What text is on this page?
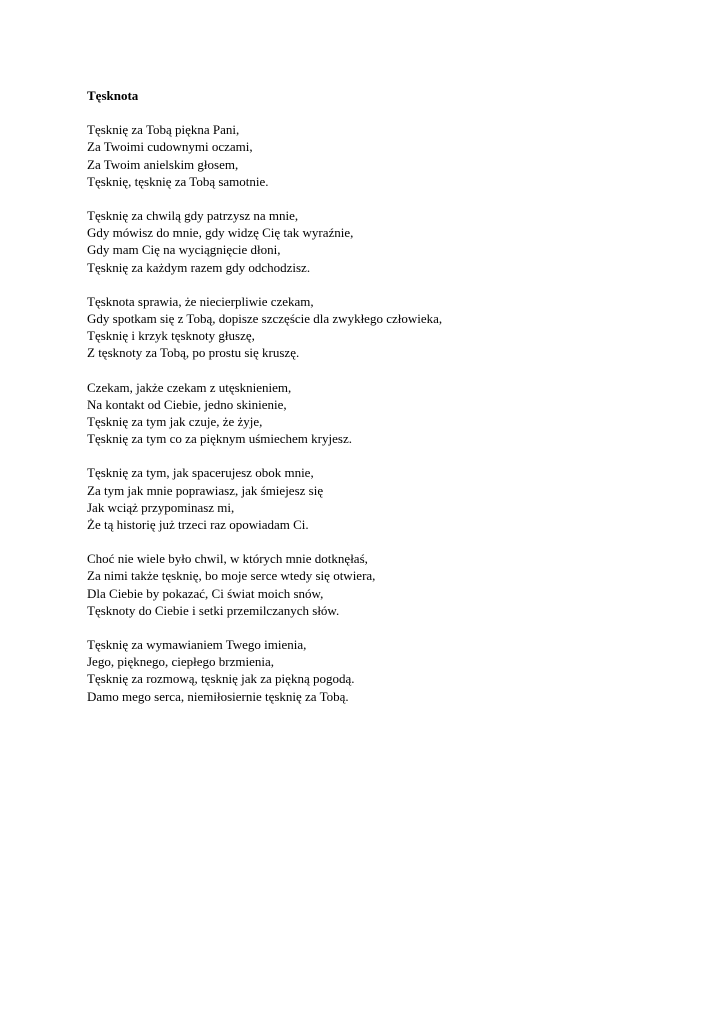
Tęsknota
Tęsknię za Tobą piękna Pani,
Za Twoimi cudownymi oczami,
Za Twoim anielskim głosem,
Tęsknię, tęsknię za Tobą samotnie.
Tęsknię za chwilą gdy patrzysz na mnie,
Gdy mówisz do mnie, gdy widzę Cię tak wyraźnie,
Gdy mam Cię na wyciągnięcie dłoni,
Tęsknię za każdym razem gdy odchodzisz.
Tęsknota sprawia, że niecierpliwie czekam,
Gdy spotkam się z Tobą, dopisze szczęście dla zwykłego człowieka,
Tęsknię i krzyk tęsknoty głuszę,
Z tęsknoty za Tobą, po prostu się kruszę.
Czekam, jakże czekam z utęsknieniem,
Na kontakt od Ciebie, jedno skinienie,
Tęsknię za tym jak czuje, że żyje,
Tęsknię za tym co za pięknym uśmiechem kryjesz.
Tęsknię za tym, jak spacerujesz obok mnie,
Za tym jak mnie poprawiasz, jak śmiejesz się
Jak wciąż przypominasz mi,
Że tą historię już trzeci raz opowiadam Ci.
Choć nie wiele było chwil, w których mnie dotknęłaś,
Za nimi także tęsknię, bo moje serce wtedy się otwiera,
Dla Ciebie by pokazać, Ci świat moich snów,
Tęsknoty do Ciebie i setki przemilczanych słów.
Tęsknię za wymawianiem Twego imienia,
Jego, pięknego, ciepłego brzmienia,
Tęsknię za rozmową, tęsknię jak za piękną pogodą.
Damo mego serca, niemiłosiernie tęsknię za Tobą.
